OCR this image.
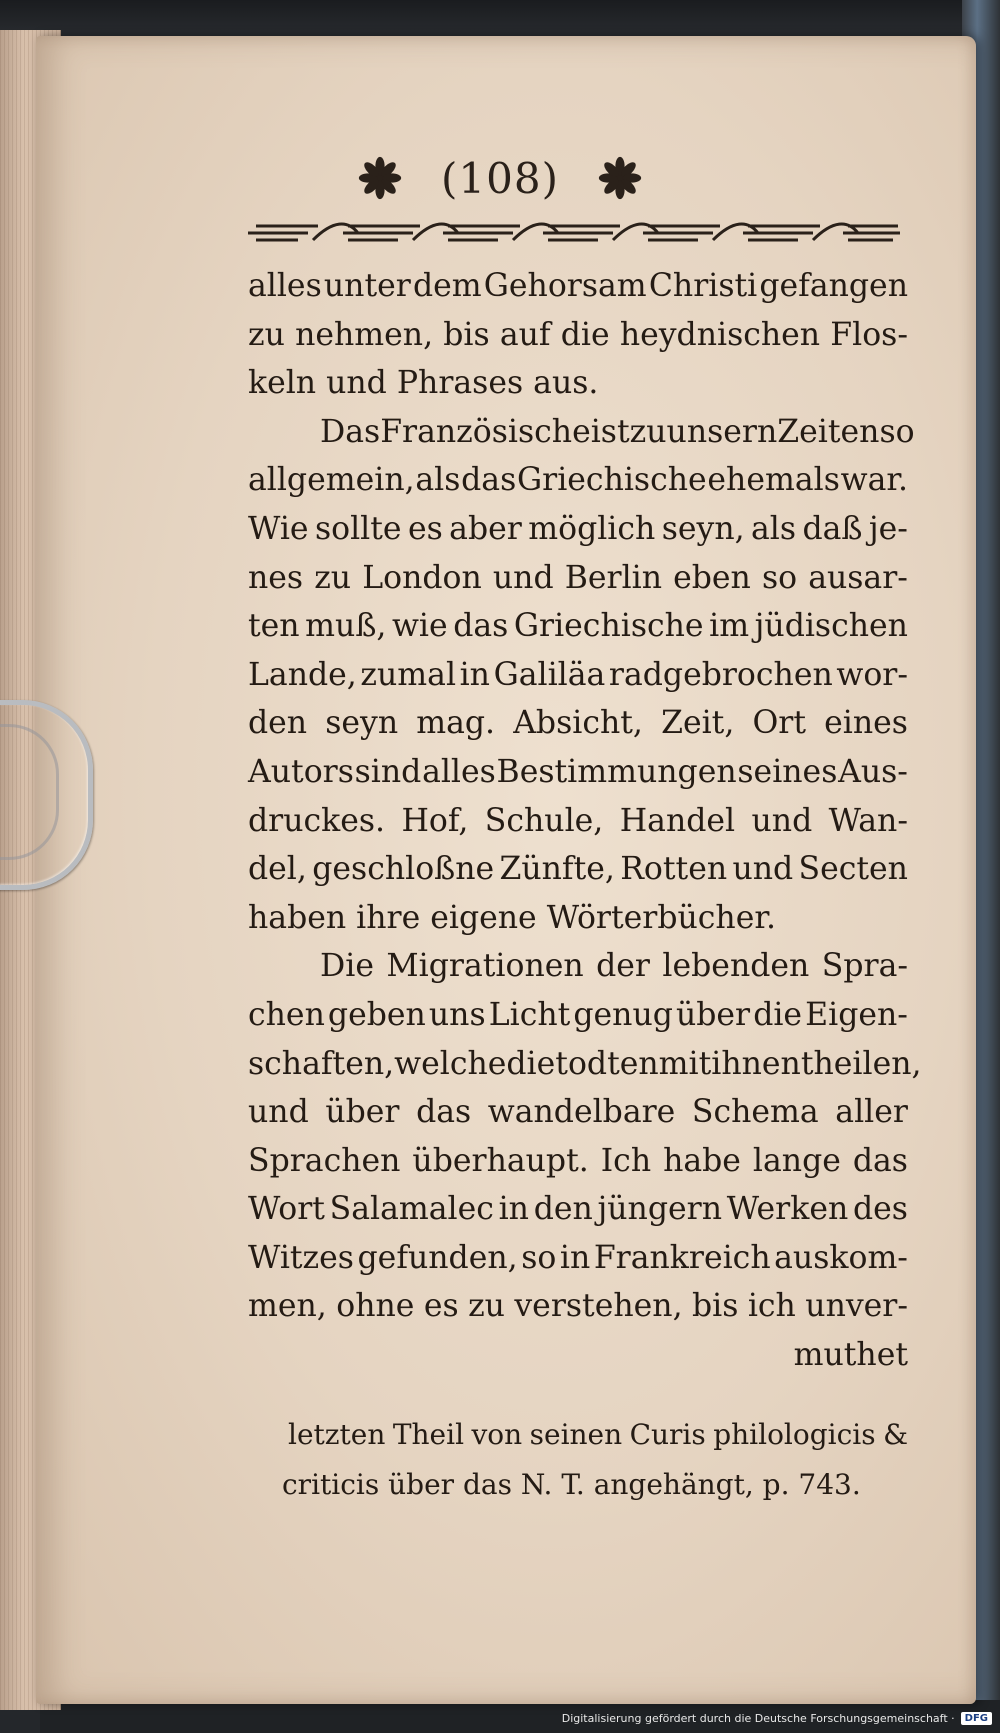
(108)
alles unter dem Gehorsam Christi gefangen
zu nehmen, bis auf die heydnischen Flos-
keln und Phrases aus.
Das Französische ist zu unsern Zeiten so
allgemein, als das Griechische ehemals war.
Wie sollte es aber möglich seyn, als daß je-
nes zu London und Berlin eben so ausar-
ten muß, wie das Griechische im jüdischen
Lande, zumal in Galiläa radgebrochen wor-
den seyn mag. Absicht, Zeit, Ort eines
Autors sind alles Bestimmungen seines Aus-
druckes. Hof, Schule, Handel und Wan-
del, geschloßne Zünfte, Rotten und Secten
haben ihre eigene Wörterbücher.
Die Migrationen der lebenden Spra-
chen geben uns Licht genug über die Eigen-
schaften, welche die todten mit ihnen theilen,
und über das wandelbare Schema aller
Sprachen überhaupt. Ich habe lange das
Wort Salamalec in den jüngern Werken des
Witzes gefunden, so in Frankreich auskom-
men, ohne es zu verstehen, bis ich unver-
muthet
letzten Theil von seinen Curis philologicis &
criticis über das N. T. angehängt, p. 743.
Digitalisierung gefördert durch die Deutsche Forschungsgemeinschaft ·	DFG
